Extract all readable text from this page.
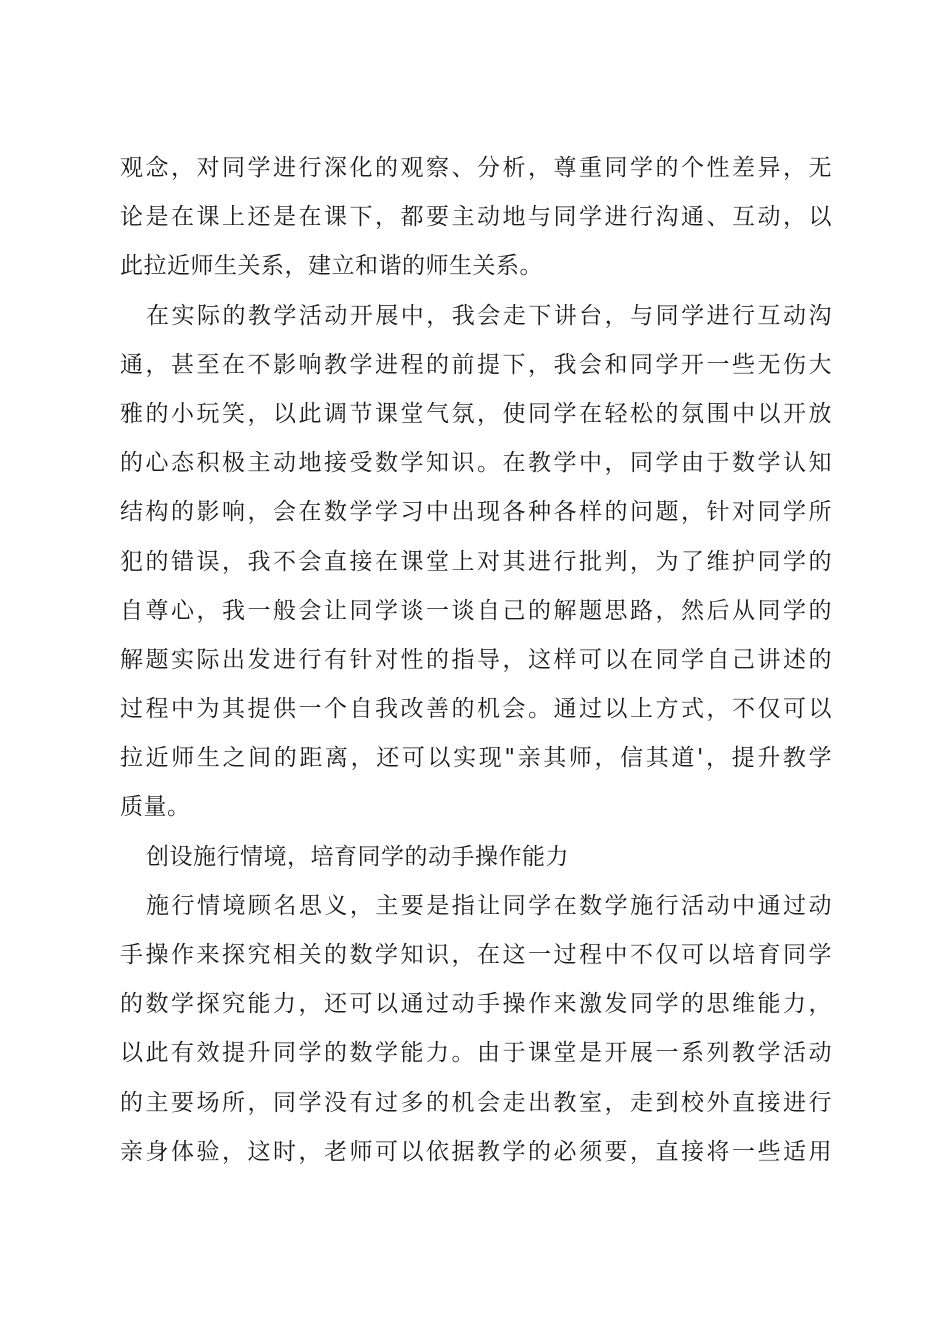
观念，对同学进行深化的观察、分析，尊重同学的个性差异，无
论是在课上还是在课下，都要主动地与同学进行沟通、互动，以
此拉近师生关系，建立和谐的师生关系。
在实际的教学活动开展中，我会走下讲台，与同学进行互动沟
通，甚至在不影响教学进程的前提下，我会和同学开一些无伤大
雅的小玩笑，以此调节课堂气氛，使同学在轻松的氛围中以开放
的心态积极主动地接受数学知识。在教学中，同学由于数学认知
结构的影响，会在数学学习中出现各种各样的问题，针对同学所
犯的错误，我不会直接在课堂上对其进行批判，为了维护同学的
自尊心，我一般会让同学谈一谈自己的解题思路，然后从同学的
解题实际出发进行有针对性的指导，这样可以在同学自己讲述的
过程中为其提供一个自我改善的机会。通过以上方式，不仅可以
拉近师生之间的距离，还可以实现"亲其师，信其道'，提升教学
质量。
创设施行情境，培育同学的动手操作能力
施行情境顾名思义，主要是指让同学在数学施行活动中通过动
手操作来探究相关的数学知识，在这一过程中不仅可以培育同学
的数学探究能力，还可以通过动手操作来激发同学的思维能力，
以此有效提升同学的数学能力。由于课堂是开展一系列教学活动
的主要场所，同学没有过多的机会走出教室，走到校外直接进行
亲身体验，这时，老师可以依据教学的必须要，直接将一些适用
